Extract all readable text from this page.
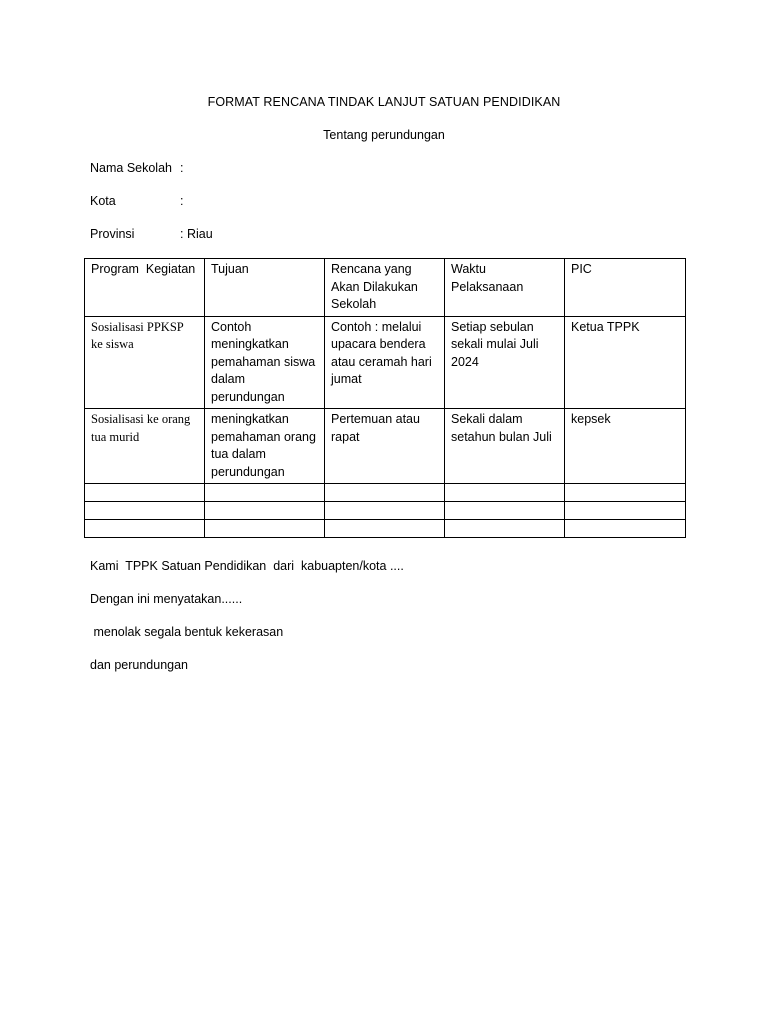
FORMAT RENCANA TINDAK LANJUT SATUAN PENDIDIKAN
Tentang perundungan
Nama Sekolah :
Kota	:
Provinsi	: Riau
Program  Kegiatan	Tujuan	Rencana yang Akan Dilakukan Sekolah	Waktu Pelaksanaan	PIC
Sosialisasi PPKSP ke siswa	Contoh meningkatkan pemahaman siswa dalam perundungan	Contoh : melalui upacara bendera atau ceramah hari jumat	Setiap sebulan sekali mulai Juli 2024	Ketua TPPK
Sosialisasi ke orang tua murid	meningkatkan pemahaman orang tua dalam perundungan	Pertemuan atau rapat	Sekali dalam setahun bulan Juli	kepsek

Kami  TPPK Satuan Pendidikan  dari  kabuapten/kota ....
Dengan ini menyatakan......
menolak segala bentuk kekerasan
dan perundungan
